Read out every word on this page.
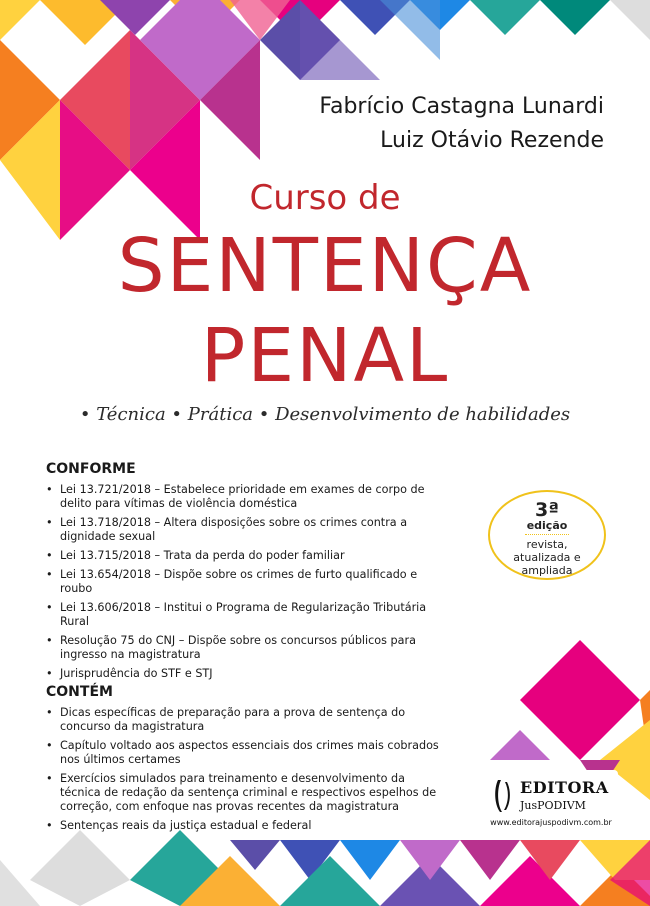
Fabrício Castagna Lunardi
Luiz Otávio Rezende
Curso de
SENTENÇA
PENAL
• Técnica • Prática • Desenvolvimento de habilidades
CONFORME
• Lei 13.721/2018 – Estabelece prioridade em exames de corpo de delito para vítimas de violência doméstica
• Lei 13.718/2018 – Altera disposições sobre os crimes contra a dignidade sexual
• Lei 13.715/2018 – Trata da perda do poder familiar
• Lei 13.654/2018 – Dispõe sobre os crimes de furto qualificado e roubo
• Lei 13.606/2018 – Institui o Programa de Regularização Tributária Rural
• Resolução 75 do CNJ – Dispõe sobre os concursos públicos para ingresso na magistratura
• Jurisprudência do STF e STJ
CONTÉM
• Dicas específicas de preparação para a prova de sentença do concurso da magistratura
• Capítulo voltado aos aspectos essenciais dos crimes mais cobrados nos últimos certames
• Exercícios simulados para treinamento e desenvolvimento da técnica de redação da sentença criminal e respectivos espelhos de correção, com enfoque nas provas recentes da magistratura
• Sentenças reais da justiça estadual e federal
3ª
edição
revista, atualizada e ampliada
EDITORA
JusPODIVM
www.editorajuspodivm.com.br
